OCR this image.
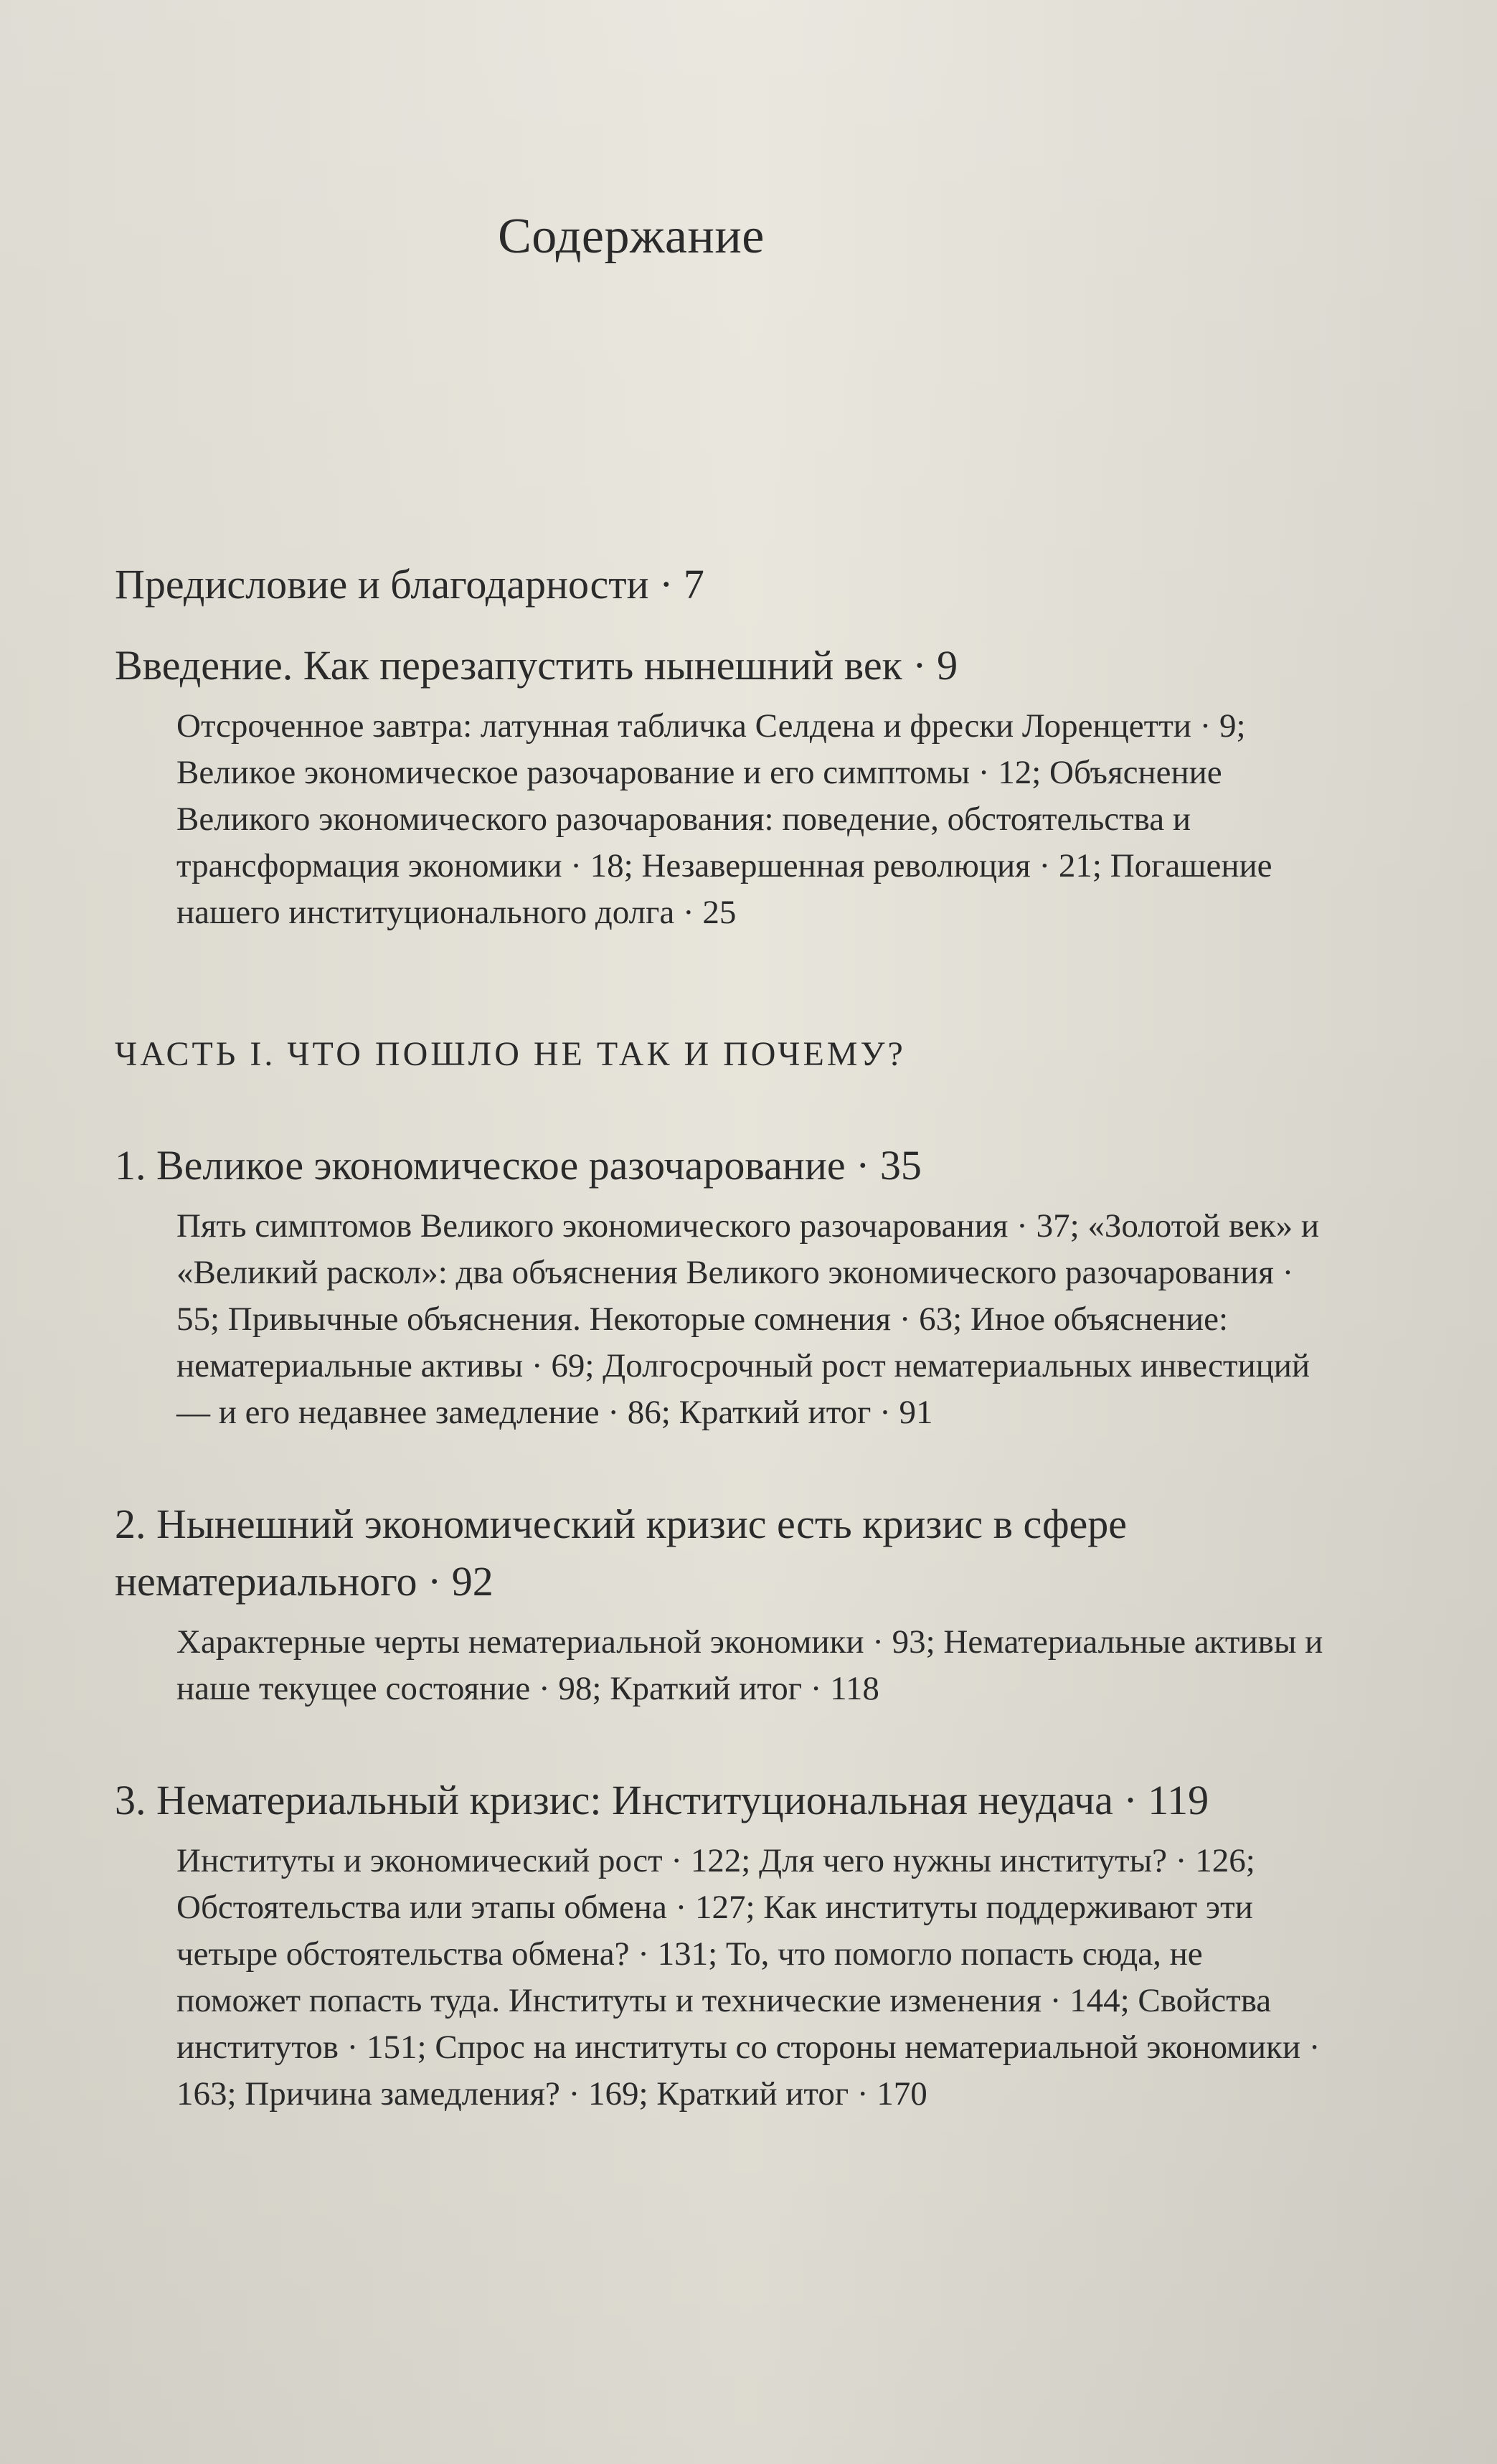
Содержание
Предисловие и благодарности · 7
Введение. Как перезапустить нынешний век · 9
Отсроченное завтра: латунная табличка Селдена и фрески Лоренцетти · 9; Великое экономическое разочарование и его симптомы · 12; Объяснение Великого экономического разочарования: поведение, обстоятельства и трансформация экономики · 18; Незавершенная революция · 21; Погашение нашего институционального долга · 25
ЧАСТЬ I. ЧТО ПОШЛО НЕ ТАК И ПОЧЕМУ?
1. Великое экономическое разочарование · 35
Пять симптомов Великого экономического разочарования · 37; «Золотой век» и «Великий раскол»: два объяснения Великого экономического разочарования · 55; Привычные объяснения. Некоторые сомнения · 63; Иное объяснение: нематериальные активы · 69; Долгосрочный рост нематериальных инвестиций — и его недавнее замедление · 86; Краткий итог · 91
2. Нынешний экономический кризис есть кризис в сфере нематериального · 92
Характерные черты нематериальной экономики · 93; Нематериальные активы и наше текущее состояние · 98; Краткий итог · 118
3. Нематериальный кризис: Институциональная неудача · 119
Институты и экономический рост · 122; Для чего нужны институты? · 126; Обстоятельства или этапы обмена · 127; Как институты поддерживают эти четыре обстоятельства обмена? · 131; То, что помогло попасть сюда, не поможет попасть туда. Институты и технические изменения · 144; Свойства институтов · 151; Спрос на институты со стороны нематериальной экономики · 163; Причина замедления? · 169; Краткий итог · 170
